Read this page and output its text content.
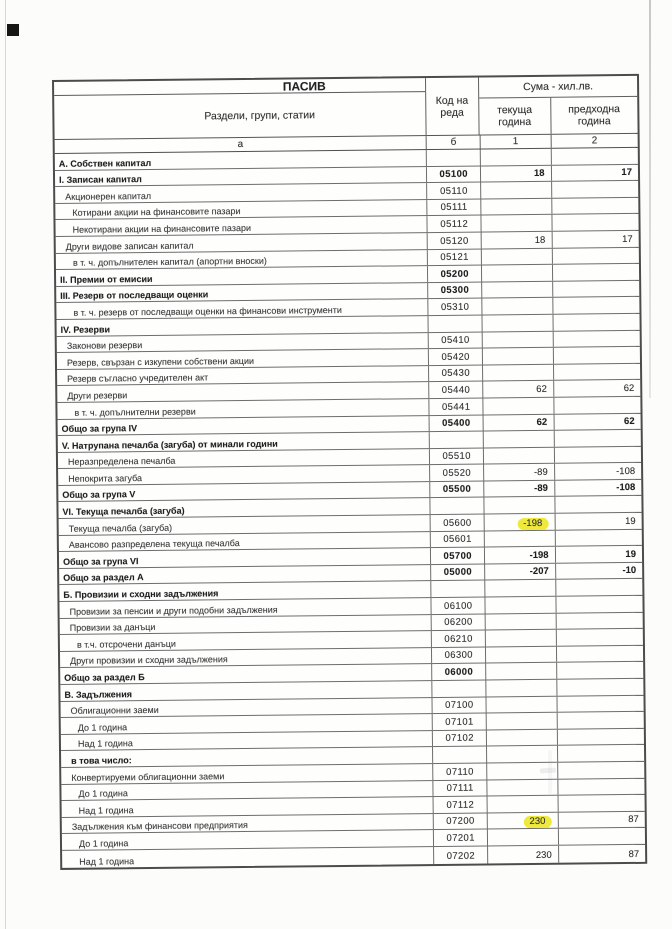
ПАСИВ
Раздели, групи, статии
Код на реда
Сума - хил.лв.
текуща година
предходна година
а	б	1	2
А. Собствен капитал
I. Записан капитал	05100	18	17
Акционерен капитал	05110
Котирани акции на финансовите пазари	05111
Некотирани акции на финансовите пазари	05112
Други видове записан капитал	05120	18	17
в т. ч. допълнителен капитал (апортни вноски)	05121
II. Премии от емисии	05200
III. Резерв от последващи оценки	05300
в т. ч. резерв от последващи оценки на финансови инструменти	05310
IV. Резерви
Законови резерви	05410
Резерв, свързан с изкупени собствени акции	05420
Резерв съгласно учредителен акт	05430
Други резерви	05440	62	62
в т. ч. допълнителни резерви	05441
Общо за група IV	05400	62	62
V. Натрупана печалба (загуба) от минали години
Неразпределена печалба	05510
Непокрита загуба	05520	-89	-108
Общо за група V	05500	-89	-108
VI. Текуща печалба (загуба)
Текуща печалба (загуба)	05600	-198	19
Авансово разпределена текуща печалба	05601
Общо за група VI	05700	-198	19
Общо за раздел А	05000	-207	-10
Б. Провизии и сходни задължения
Провизии за пенсии и други подобни задължения	06100
Провизии за данъци	06200
в т.ч. отсрочени данъци	06210
Други провизии и сходни задължения	06300
Общо за раздел Б	06000
В. Задължения
Облигационни заеми	07100
До 1 година	07101
Над 1 година	07102
в това число:
Конвертируеми облигационни заеми	07110
До 1 година	07111
Над 1 година	07112
Задължения към финансови предприятия	07200	230	87
До 1 година	07201
Над 1 година	07202	230	87
